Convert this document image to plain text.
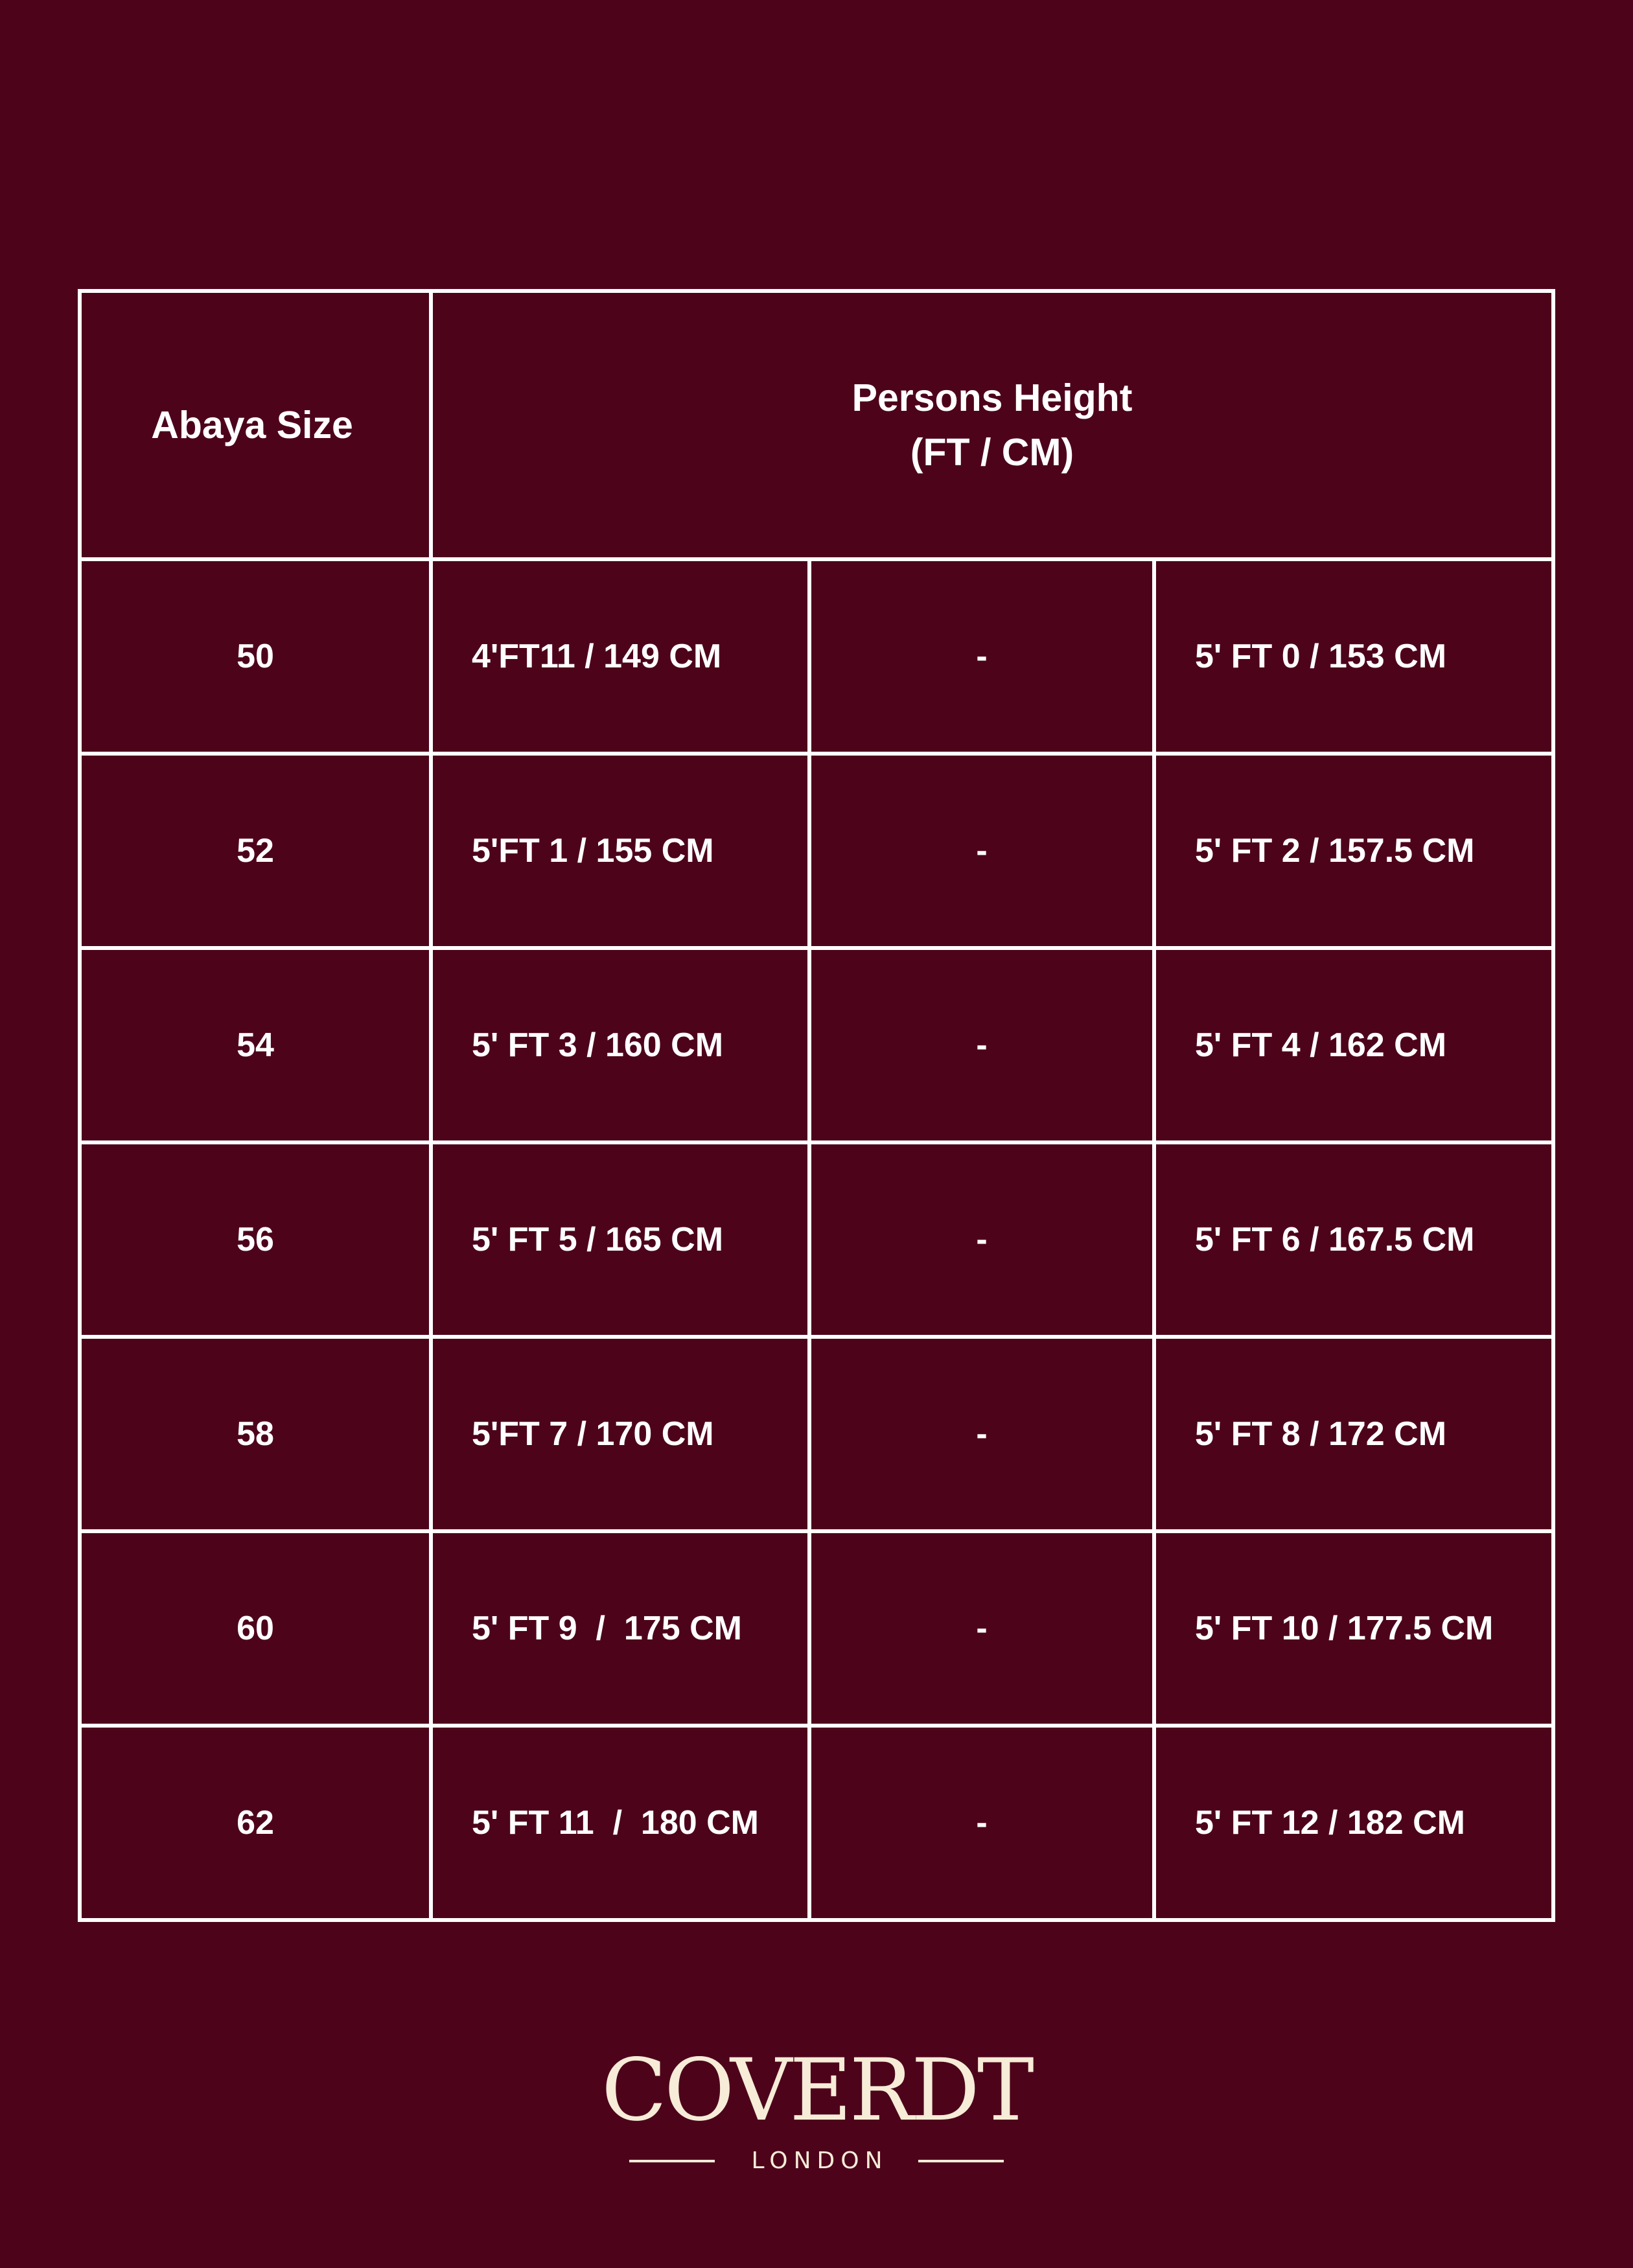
Abaya Size	Persons Height
(FT / CM)		

50	4'FT11 / 149 CM	-	5' FT 0 / 153 CM
52	5'FT 1 / 155 CM	-	5' FT 2 / 157.5 CM
54	5' FT 3 / 160 CM	-	5' FT 4 / 162 CM
56	5' FT 5 / 165 CM	-	5' FT 6 / 167.5 CM
58	5'FT 7 / 170 CM	-	5' FT 8 / 172 CM
60	5' FT 9  /  175 CM	-	5' FT 10 / 177.5 CM
62	5' FT 11  /  180 CM	-	5' FT 12 / 182 CM
COVERDT
LONDON
